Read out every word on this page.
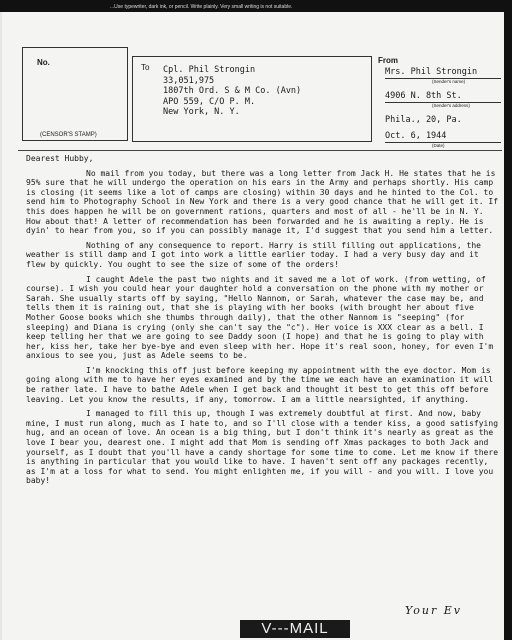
...Use typewriter, dark ink, or pencil. Write plainly. Very small writing is not suitable.
No.
(CENSOR'S STAMP)
To Cpl. Phil Strongin
33,051,975
1807th Ord. S & M Co. (Avn)
APO 559, C/O P. M.
New York, N. Y.
From
Mrs. Phil Strongin
(Sender's name)
4906 N. 8th St.
(Sender's address)
Phila., 20, Pa.
Oct. 6, 1944
(Date)

Dearest Hubby,

No mail from you today, but there was a long letter from Jack H. He states that he is 95% sure that he will undergo the operation on his ears in the Army and perhaps shortly. His camp is closing (it seems like a lot of camps are closing) within 30 days and he hinted to the Col. to send him to Photography School in New York and there is a very good chance that he will get it. If this does happen he will be on government rations, quarters and most of all - he'll be in N. Y. How about that! A letter of recommendation has been forwarded and he is awaiting a reply. He is dyin' to hear from you, so if you can possibly manage it, I'd suggest that you send him a letter.

Nothing of any consequence to report. Harry is still filling out applications, the weather is still damp and I got into work a little earlier today. I had a very busy day and it flew by quickly. You ought to see the size of some of the orders!

I caught Adele the past two nights and it saved me a lot of work. (from wetting, of course). I wish you could hear your daughter hold a conversation on the phone with my mother or Sarah. She usually starts off by saying, "Hello Nannom, or Sarah, whatever the case may be, and tells them it is raining out, that she is playing with her books (with brought her about five Mother Goose books which she thumbs through daily), that the other Nannom is "seeping" (for sleeping) and Diana is crying (only she can't say the "c"). Her voice is XXX clear as a bell. I keep telling her that we are going to see Daddy soon (I hope) and that he is going to play with her, kiss her, take her bye-bye and even sleep with her. Hope it's real soon, honey, for even I'm anxious to see you, just as Adele seems to be.

I'm knocking this off just before keeping my appointment with the eye doctor. Mom is going along with me to have her eyes examined and by the time we each have an examination it will be rather late. I have to bathe Adele when I get back and thought it best to get this off before leaving. Let you know the results, if any, tomorrow. I am a little nearsighted, if anything.

I managed to fill this up, though I was extremely doubtful at first. And now, baby mine, I must run along, much as I hate to, and so I'll close with a tender kiss, a good satisfying hug, and an ocean of love. An ocean is a big thing, but I don't think it's nearly as great as the love I bear you, dearest one. I might add that Mom is sending off Xmas packages to both Jack and yourself, as I doubt that you'll have a candy shortage for some time to come. Let me know if there is anything in particular that you would like to have. I haven't sent off any packages recently, as I'm at a loss for what to send. You might enlighten me, if you will - and you will. I love you baby!

V---MAIL
Your Ev
